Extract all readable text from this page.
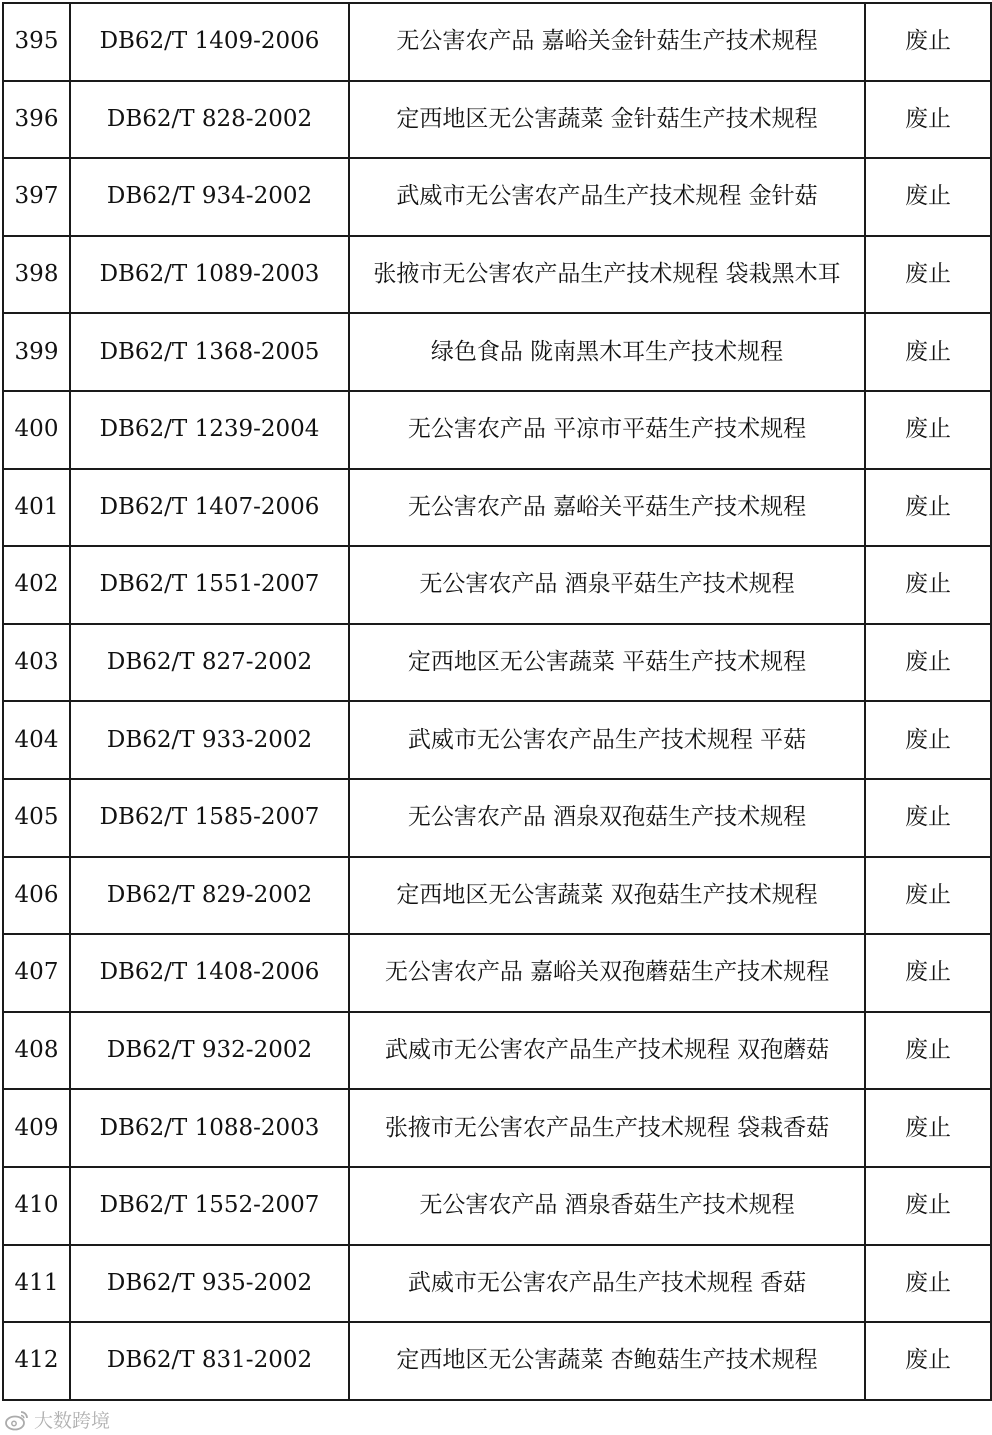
395	DB62/T 1409-2006	无公害农产品 嘉峪关金针菇生产技术规程	废止
396	DB62/T 828-2002	定西地区无公害蔬菜 金针菇生产技术规程	废止
397	DB62/T 934-2002	武威市无公害农产品生产技术规程 金针菇	废止
398	DB62/T 1089-2003	张掖市无公害农产品生产技术规程 袋栽黑木耳	废止
399	DB62/T 1368-2005	绿色食品 陇南黑木耳生产技术规程	废止
400	DB62/T 1239-2004	无公害农产品 平凉市平菇生产技术规程	废止
401	DB62/T 1407-2006	无公害农产品 嘉峪关平菇生产技术规程	废止
402	DB62/T 1551-2007	无公害农产品 酒泉平菇生产技术规程	废止
403	DB62/T 827-2002	定西地区无公害蔬菜 平菇生产技术规程	废止
404	DB62/T 933-2002	武威市无公害农产品生产技术规程 平菇	废止
405	DB62/T 1585-2007	无公害农产品 酒泉双孢菇生产技术规程	废止
406	DB62/T 829-2002	定西地区无公害蔬菜 双孢菇生产技术规程	废止
407	DB62/T 1408-2006	无公害农产品 嘉峪关双孢蘑菇生产技术规程	废止
408	DB62/T 932-2002	武威市无公害农产品生产技术规程 双孢蘑菇	废止
409	DB62/T 1088-2003	张掖市无公害农产品生产技术规程 袋栽香菇	废止
410	DB62/T 1552-2007	无公害农产品 酒泉香菇生产技术规程	废止
411	DB62/T 935-2002	武威市无公害农产品生产技术规程 香菇	废止
412	DB62/T 831-2002	定西地区无公害蔬菜 杏鲍菇生产技术规程	废止
大数跨境
